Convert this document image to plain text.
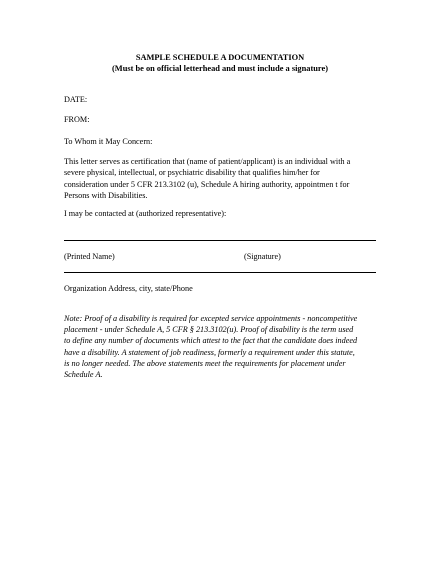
SAMPLE SCHEDULE A DOCUMENTATION
(Must be on official letterhead and must include a signature)
DATE:
FROM:
To Whom it May Concern:
This letter serves as certification that (name of patient/applicant) is an individual with a
severe physical, intellectual, or psychiatric disability that qualifies him/her for
consideration under 5 CFR 213.3102 (u), Schedule A hiring authority, appointmen t for
Persons with Disabilities.
I may be contacted at (authorized representative):
(Printed Name)	(Signature)
Organization Address, city, state/Phone
Note: Proof of a disability is required for excepted service appointments - noncompetitive
placement - under Schedule A, 5 CFR § 213.3102(u). Proof of disability is the term used
to define any number of documents which attest to the fact that the candidate does indeed
have a disability. A statement of job readiness, formerly a requirement under this statute,
is no longer needed. The above statements meet the requirements for placement under
Schedule A.
